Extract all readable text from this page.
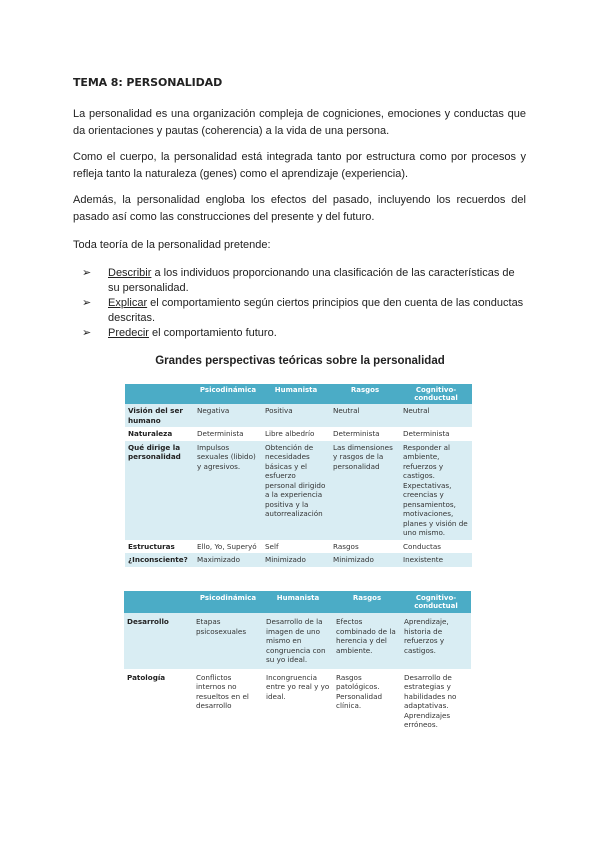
TEMA 8: PERSONALIDAD

La personalidad es una organización compleja de cogniciones, emociones y conductas que da orientaciones y pautas (coherencia) a la vida de una persona.

Como el cuerpo, la personalidad está integrada tanto por estructura como por procesos y refleja tanto la naturaleza (genes) como el aprendizaje (experiencia).

Además, la personalidad engloba los efectos del pasado, incluyendo los recuerdos del pasado así como las construcciones del presente y del futuro.

Toda teoría de la personalidad pretende:

➢ Describir a los individuos proporcionando una clasificación de las características de su personalidad.
➢ Explicar el comportamiento según ciertos principios que den cuenta de las conductas descritas.
➢ Predecir el comportamiento futuro.
Grandes perspectivas teóricas sobre la personalidad
	Psicodinámica	Humanista	Rasgos	Cognitivo-conductual
Visión del ser humano	Negativa	Positiva	Neutral	Neutral
Naturaleza	Determinista	Libre albedrío	Determinista	Determinista
Qué dirige la personalidad	Impulsos sexuales (libido) y agresivos.	Obtención de necesidades básicas y el esfuerzo personal dirigido a la experiencia positiva y la autorrealización	Las dimensiones y rasgos de la personalidad	Responder al ambiente, refuerzos y castigos. Expectativas, creencias y pensamientos, motivaciones, planes y visión de uno mismo.
Estructuras	Ello, Yo, Superyó	Self	Rasgos	Conductas
¿Inconsciente?	Maximizado	Minimizado	Minimizado	Inexistente
	Psicodinámica	Humanista	Rasgos	Cognitivo-conductual
Desarrollo	Etapas psicosexuales	Desarrollo de la imagen de uno mismo en congruencia con su yo ideal.	Efectos combinado de la herencia y del ambiente.	Aprendizaje, historia de refuerzos y castigos.
Patología	Conflictos internos no resueltos en el desarrollo	Incongruencia entre yo real y yo ideal.	Rasgos patológicos. Personalidad clínica.	Desarrollo de estrategias y habilidades no adaptativas. Aprendizajes erróneos.
